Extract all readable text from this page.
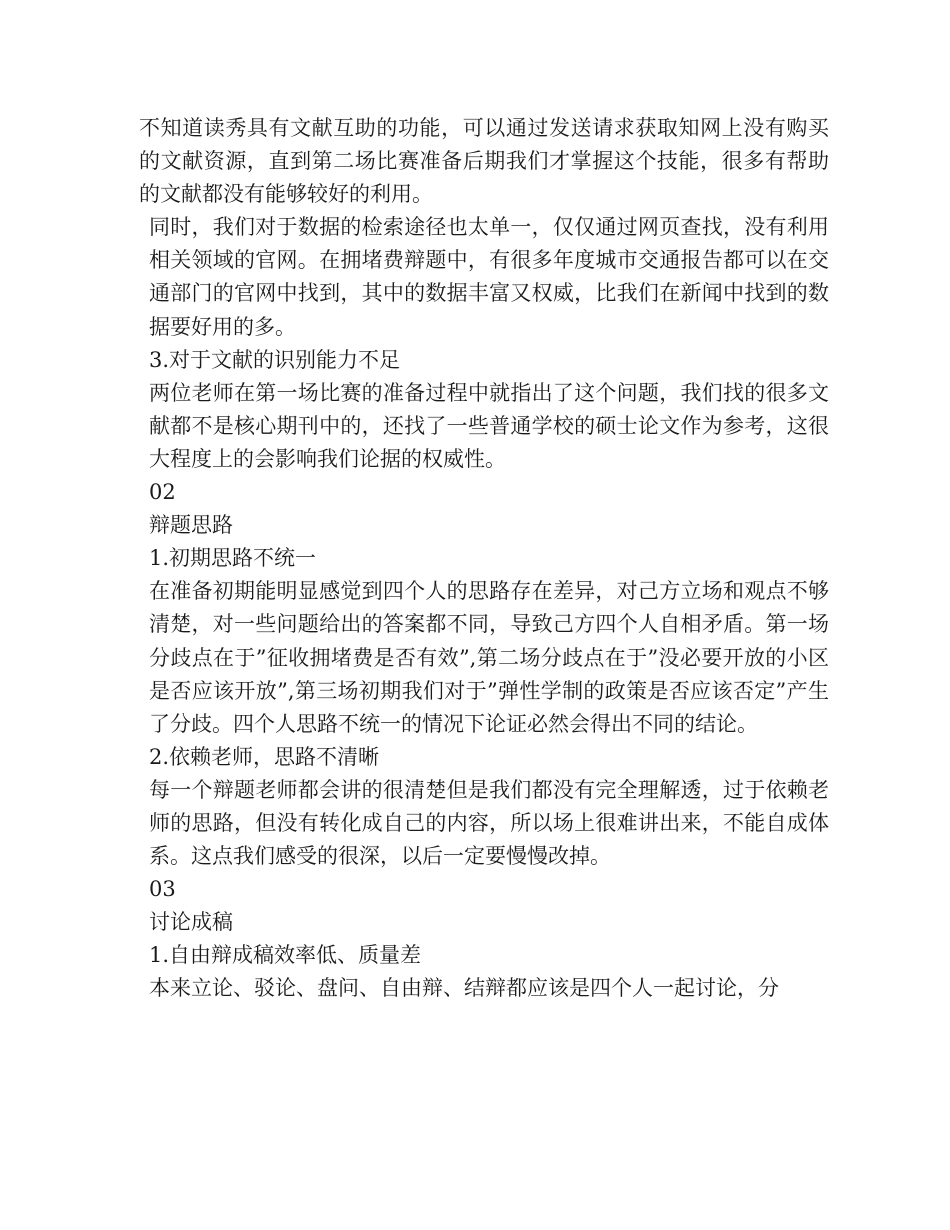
不知道读秀具有文献互助的功能，可以通过发送请求获取知网上没有购买的文献资源，直到第二场比赛准备后期我们才掌握这个技能，很多有帮助的文献都没有能够较好的利用。

同时，我们对于数据的检索途径也太单一，仅仅通过网页查找，没有利用相关领域的官网。在拥堵费辩题中，有很多年度城市交通报告都可以在交通部门的官网中找到，其中的数据丰富又权威，比我们在新闻中找到的数据要好用的多。

3.对于文献的识别能力不足

两位老师在第一场比赛的准备过程中就指出了这个问题，我们找的很多文献都不是核心期刊中的，还找了一些普通学校的硕士论文作为参考，这很大程度上的会影响我们论据的权威性。

02

辩题思路

1.初期思路不统一

在准备初期能明显感觉到四个人的思路存在差异，对己方立场和观点不够清楚，对一些问题给出的答案都不同，导致己方四个人自相矛盾。第一场分歧点在于”征收拥堵费是否有效”,第二场分歧点在于”没必要开放的小区是否应该开放”,第三场初期我们对于”弹性学制的政策是否应该否定”产生了分歧。四个人思路不统一的情况下论证必然会得出不同的结论。

2.依赖老师，思路不清晰

每一个辩题老师都会讲的很清楚但是我们都没有完全理解透，过于依赖老师的思路，但没有转化成自己的内容，所以场上很难讲出来，不能自成体系。这点我们感受的很深，以后一定要慢慢改掉。

03

讨论成稿

1.自由辩成稿效率低、质量差

本来立论、驳论、盘问、自由辩、结辩都应该是四个人一起讨论，分
